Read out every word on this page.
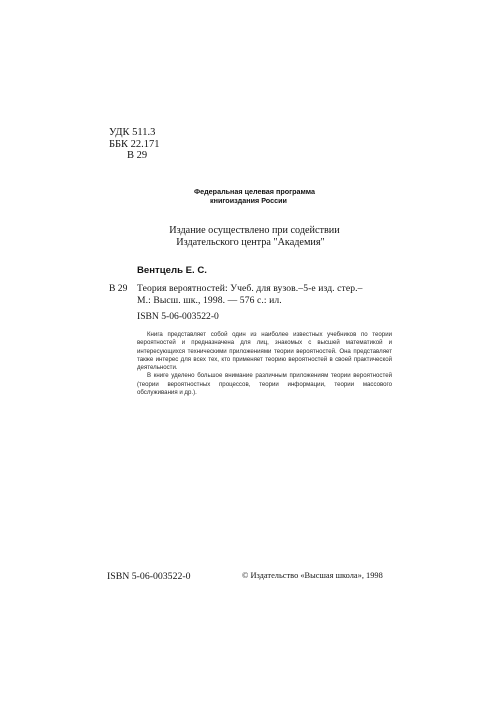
УДК 511.3
ББК 22.171
В 29
Федеральная целевая программа
книгоиздания России
Издание осуществлено при содействии
Издательского центра "Академия"
Вентцель Е. С.
В 29 Теория вероятностей: Учеб. для вузов.–5-е изд. стер.–
М.: Высш. шк., 1998. — 576 с.: ил.
ISBN 5-06-003522-0

Книга представляет собой один из наиболее известных учебников по теории вероятностей и предназначена для лиц, знакомых с высшей математикой и интересующихся техническими приложениями теории вероятностей. Она представляет также интерес для всех тех, кто применяет теорию вероятностей в своей практической деятельности.

В книге уделено большое внимание различным приложениям теории вероятностей (теории вероятностных процессов, теории информации, теории массового обслуживания и др.).

ISBN 5-06-003522-0	© Издательство «Высшая школа», 1998
